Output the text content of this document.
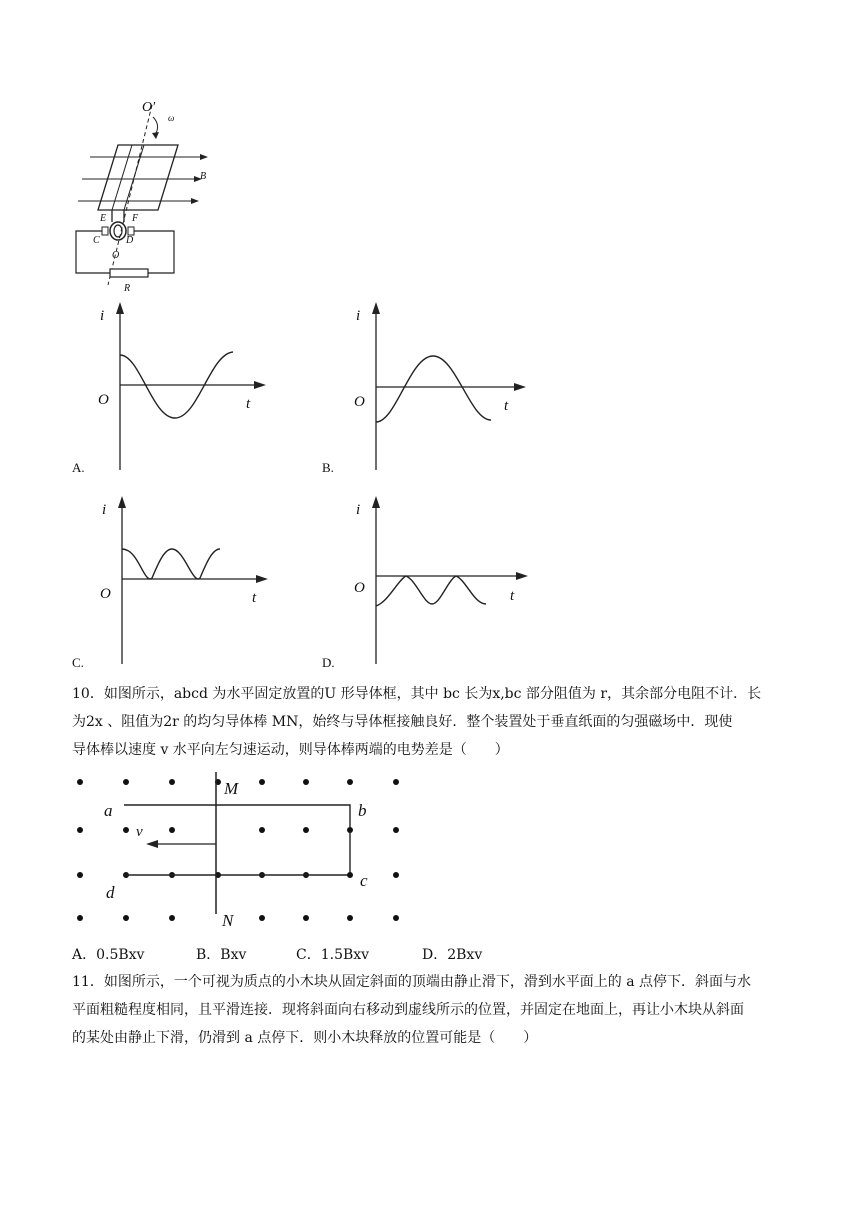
O′
ω
B
E	F
C	D
O
R
i
O	t
A.
i
O	t
B.
i
O	t
C.
i
O	t
D.
10．如图所示，abcd 为水平固定放置的U 形导体框，其中 bc 长为x,bc 部分阻值为 r，其余部分电阻不计．长
为2x 、阻值为2r 的均匀导体棒 MN，始终与导体框接触良好．整个装置处于垂直纸面的匀强磁场中．现使
导体棒以速度 v 水平向左匀速运动，则导体棒两端的电势差是（　　）
M
N
a	b
c
d
v
A．0.5Bxv	B．Bxv	C．1.5Bxv	D．2Bxv
11．如图所示，一个可视为质点的小木块从固定斜面的顶端由静止滑下，滑到水平面上的 a 点停下．斜面与水
平面粗糙程度相同，且平滑连接．现将斜面向右移动到虚线所示的位置，并固定在地面上，再让小木块从斜面
的某处由静止下滑，仍滑到 a 点停下．则小木块释放的位置可能是（　　）
